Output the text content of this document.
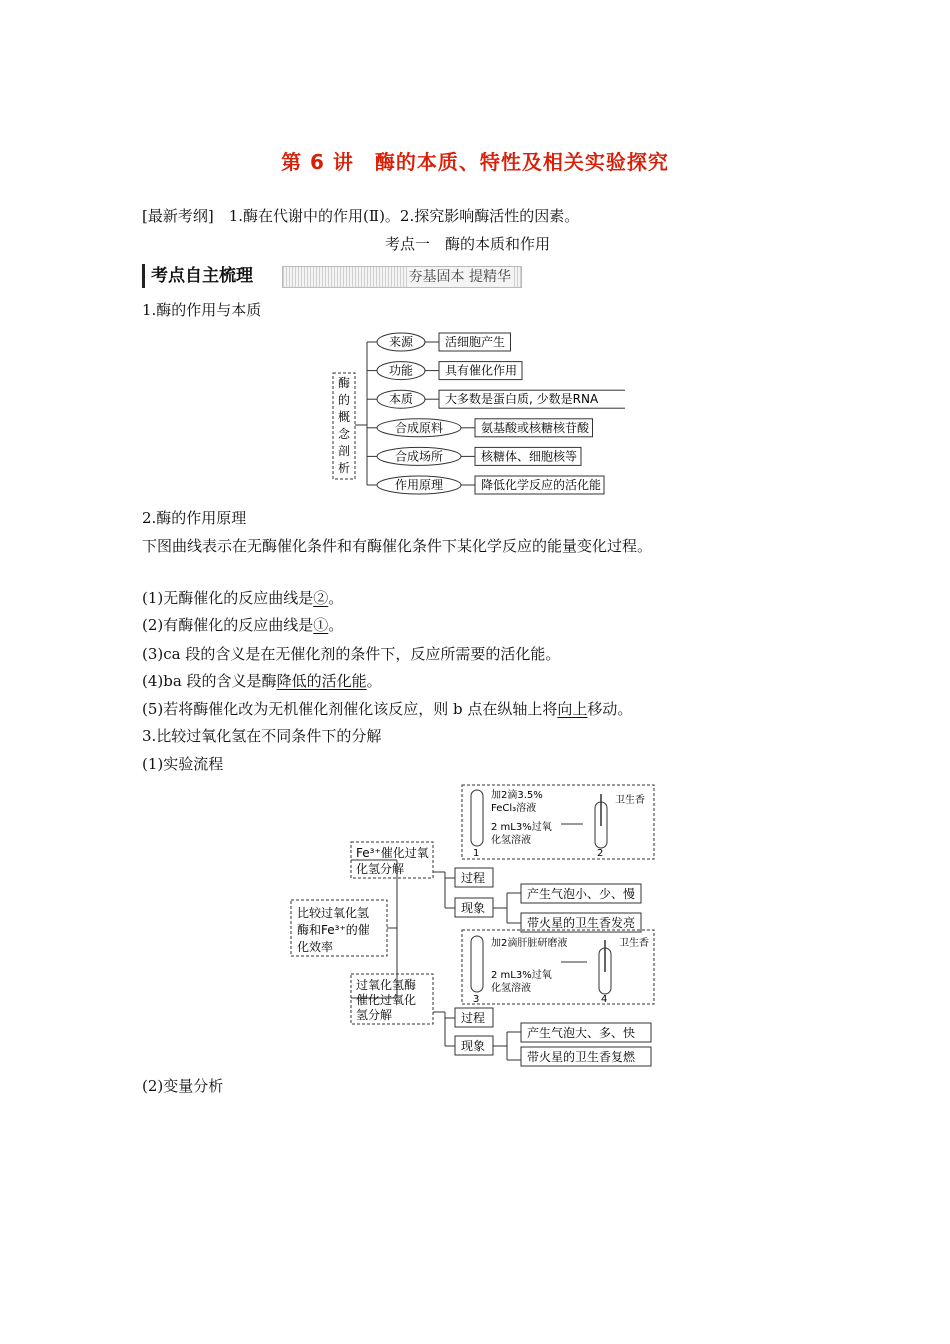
第 6 讲　酶的本质、特性及相关实验探究
[最新考纲]　1.酶在代谢中的作用(Ⅱ)。2.探究影响酶活性的因素。
考点一　酶的本质和作用
考点自主梳理	夯基固本 提精华
1.酶的作用与本质
酶
的
概
念
剖
析
来源	活细胞产生
功能	具有催化作用
本质	大多数是蛋白质, 少数是RNA
合成原料	氨基酸或核糖核苷酸
合成场所	核糖体、细胞核等
作用原理	降低化学反应的活化能
2.酶的作用原理
下图曲线表示在无酶催化条件和有酶催化条件下某化学反应的能量变化过程。
(1)无酶催化的反应曲线是②。
(2)有酶催化的反应曲线是①。
(3)ca 段的含义是在无催化剂的条件下，反应所需要的活化能。
(4)ba 段的含义是酶降低的活化能。
(5)若将酶催化改为无机催化剂催化该反应，则 b 点在纵轴上将向上移动。
3.比较过氧化氢在不同条件下的分解
(1)实验流程
比较过氧化氢
酶和Fe³⁺的催
化效率
Fe³⁺催化过氧
化氢分解
过程
现象
产生气泡小、少、慢
带火星的卫生香发亮
加2滴3.5%
FeCl₃溶液
2 mL3%过氧
化氢溶液
卫生香
1	2
过氧化氢酶
催化过氧化
氢分解	过程
现象
产生气泡大、多、快
带火星的卫生香复燃
加2滴肝脏研磨液
2 mL3%过氧
化氢溶液
卫生香
3	4
(2)变量分析
